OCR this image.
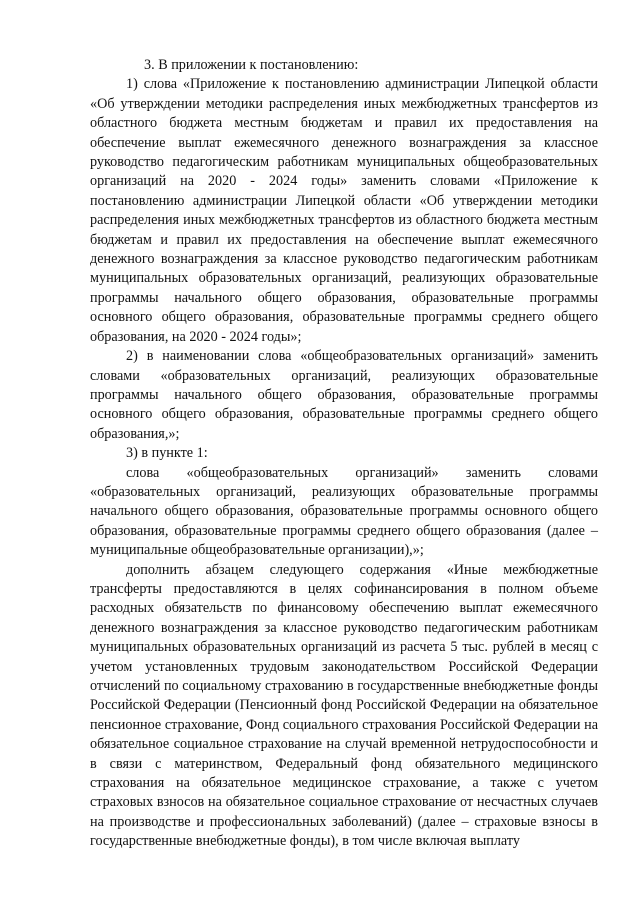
3. В приложении к постановлению:

1) слова «Приложение к постановлению администрации Липецкой области «Об утверждении методики распределения иных межбюджетных трансфертов из областного бюджета местным бюджетам и правил их предоставления на обеспечение выплат ежемесячного денежного вознаграждения за классное руководство педагогическим работникам муниципальных общеобразовательных организаций на 2020 - 2024 годы» заменить словами «Приложение к постановлению администрации Липецкой области «Об утверждении методики распределения иных межбюджетных трансфертов из областного бюджета местным бюджетам и правил их предоставления на обеспечение выплат ежемесячного денежного вознаграждения за классное руководство педагогическим работникам муниципальных образовательных организаций, реализующих образовательные программы начального общего образования, образовательные программы основного общего образования, образовательные программы среднего общего образования, на 2020 - 2024 годы»;

2) в наименовании слова «общеобразовательных организаций» заменить словами «образовательных организаций, реализующих образовательные программы начального общего образования, образовательные программы основного общего образования, образовательные программы среднего общего образования,»;

3) в пункте 1:

слова «общеобразовательных организаций» заменить словами «образовательных организаций, реализующих образовательные программы начального общего образования, образовательные программы основного общего образования, образовательные программы среднего общего образования (далее – муниципальные общеобразовательные организации),»;

дополнить абзацем следующего содержания «Иные межбюджетные трансферты предоставляются в целях софинансирования в полном объеме расходных обязательств по финансовому обеспечению выплат ежемесячного денежного вознаграждения за классное руководство педагогическим работникам муниципальных образовательных организаций из расчета 5 тыс. рублей в месяц с учетом установленных трудовым законодательством Российской Федерации отчислений по социальному страхованию в государственные внебюджетные фонды Российской Федерации (Пенсионный фонд Российской Федерации на обязательное пенсионное страхование, Фонд социального страхования Российской Федерации на обязательное социальное страхование на случай временной нетрудоспособности и в связи с материнством, Федеральный фонд обязательного медицинского страхования на обязательное медицинское страхование, а также с учетом страховых взносов на обязательное социальное страхование от несчастных случаев на производстве и профессиональных заболеваний) (далее – страховые взносы в государственные внебюджетные фонды), в том числе включая выплату
